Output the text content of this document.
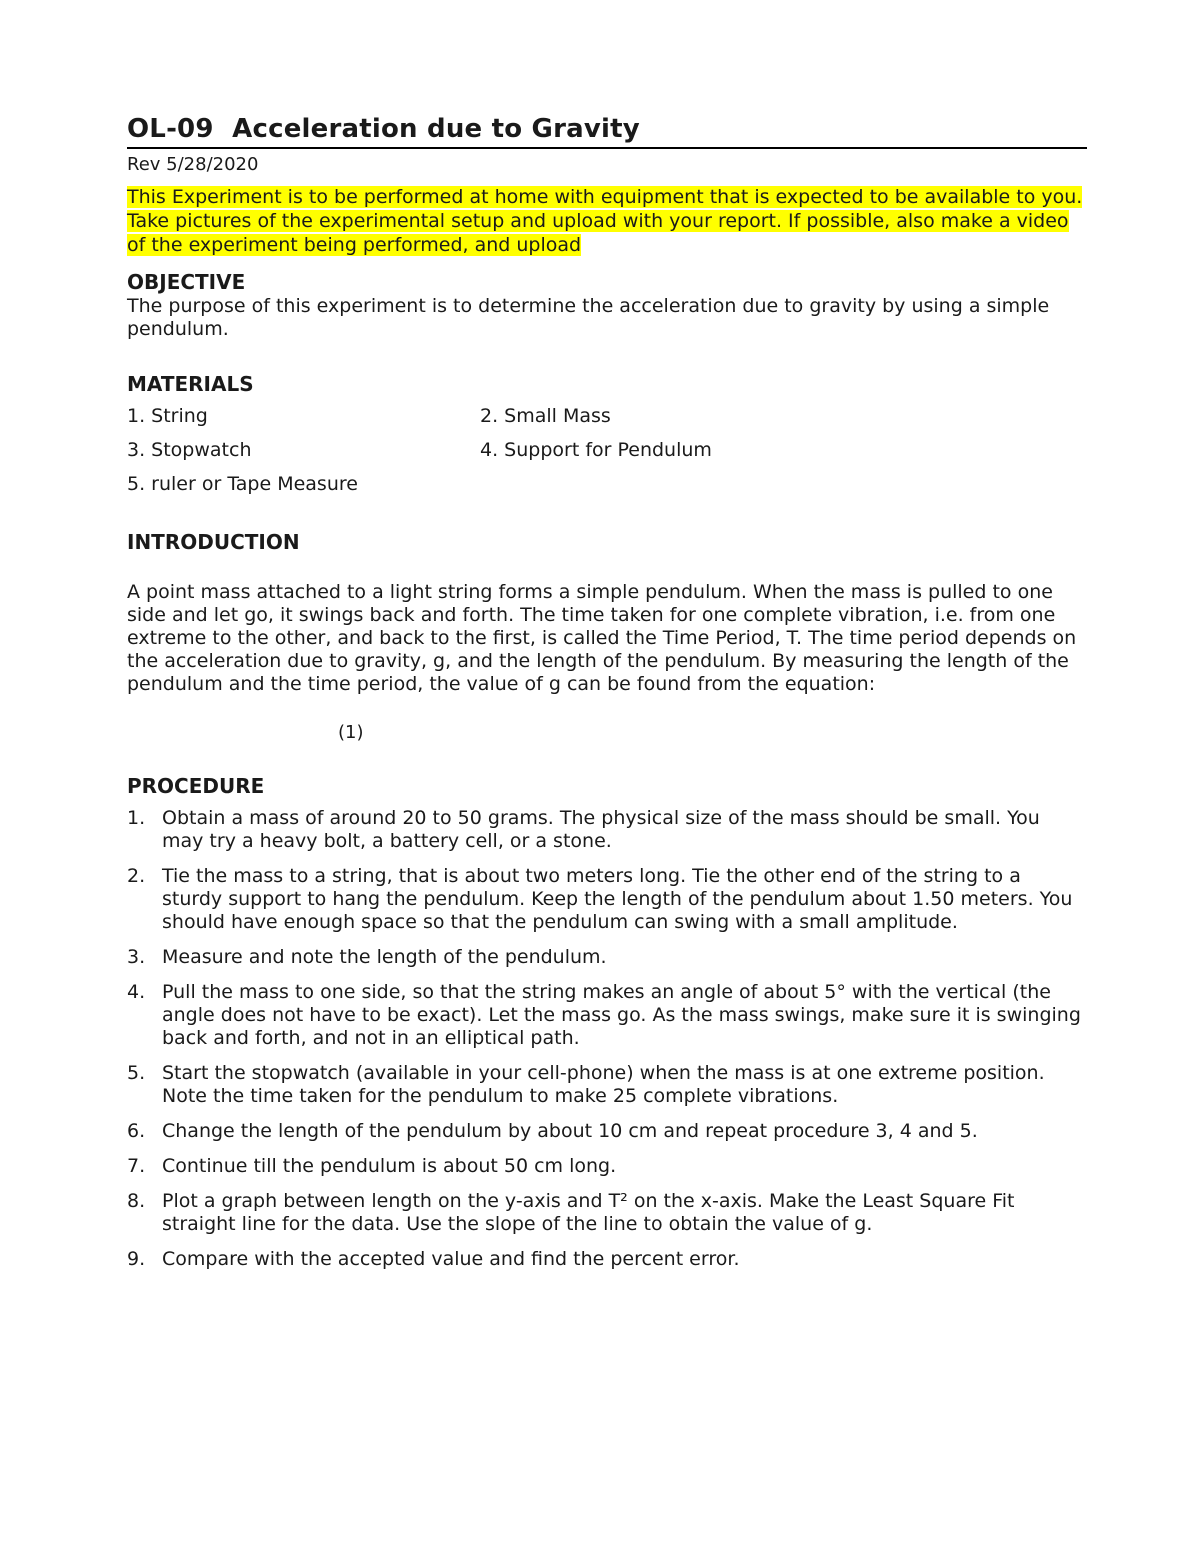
OL-09  Acceleration due to Gravity
Rev 5/28/2020
This Experiment is to be performed at home with equipment that is expected to be available to you. Take pictures of the experimental setup and upload with your report. If possible, also make a video of the experiment being performed, and upload
OBJECTIVE

The purpose of this experiment is to determine the acceleration due to gravity by using a simple pendulum.

MATERIALS
1. String	2. Small Mass
3. Stopwatch	4. Support for Pendulum
5. ruler or Tape Measure
INTRODUCTION

A point mass attached to a light string forms a simple pendulum. When the mass is pulled to one side and let go, it swings back and forth. The time taken for one complete vibration, i.e. from one extreme to the other, and back to the first, is called the Time Period, T. The time period depends on the acceleration due to gravity, g, and the length of the pendulum. By measuring the length of the pendulum and the time period, the value of g can be found from the equation:

(1)
PROCEDURE
1. Obtain a mass of around 20 to 50 grams. The physical size of the mass should be small. You may try a heavy bolt, a battery cell, or a stone.
2. Tie the mass to a string, that is about two meters long. Tie the other end of the string to a sturdy support to hang the pendulum. Keep the length of the pendulum about 1.50 meters. You should have enough space so that the pendulum can swing with a small amplitude.
3. Measure and note the length of the pendulum.
4. Pull the mass to one side, so that the string makes an angle of about 5° with the vertical (the angle does not have to be exact). Let the mass go. As the mass swings, make sure it is swinging back and forth, and not in an elliptical path.
5. Start the stopwatch (available in your cell-phone) when the mass is at one extreme position. Note the time taken for the pendulum to make 25 complete vibrations.
6. Change the length of the pendulum by about 10 cm and repeat procedure 3, 4 and 5.
7. Continue till the pendulum is about 50 cm long.
8. Plot a graph between length on the y-axis and T² on the x-axis. Make the Least Square Fit straight line for the data. Use the slope of the line to obtain the value of g.
9. Compare with the accepted value and find the percent error.
